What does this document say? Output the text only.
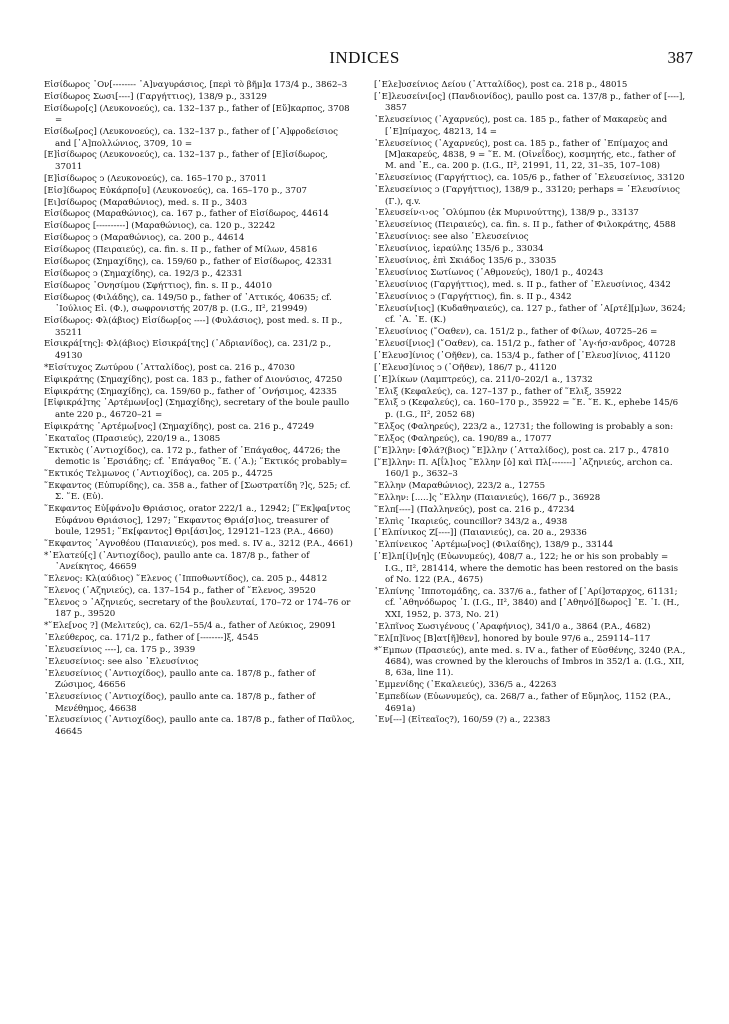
INDICES	387

Εἰσίδωρος ᾿Ον[-------- ᾿Α]ναγυράσιος, [περὶ τὸ βῆμ]α 173/4 p., 3862–3

Εἰσίδωρος Σωσι[----] (Γαργήττιος), 138/9 p., 33129

Εἰσίδωρο[ς] (Λευκονοεύς), ca. 132–137 p., father of [Εὔ]καρπος, 3708 =

Εἰσίδω[ρος] (Λευκονοεύς), ca. 132–137 p., father of [᾿Α]φροδείσιος and [᾿Α]πολλώνιος, 3709, 10 =

[Ε]ἰσίδωρος (Λευκονοεύς), ca. 132–137 p., father of [Ε]ἰσίδωρος, 37011

[Ε]ἰσίδωρος ͻ (Λευκονοεύς), ca. 165–170 p., 37011

[Εἰσ]ίδωρος Εὐκάρπο[υ] (Λευκονοεύς), ca. 165–170 p., 3707

[Ει]σίδωρος (Μαραθώνιος), med. s. II p., 3403

Εἰσίδωρος (Μαραθώνιος), ca. 167 p., father of Εἰσίδωρος, 44614

Εἰσίδωρος [----------] (Μαραθώνιος), ca. 120 p., 32242

Εἰσίδωρος ͻ (Μαραθώνιος), ca. 200 p., 44614

Εἰσίδωρος (Πειραιεύς), ca. fin. s. II p., father of Μίλων, 45816

Εἰσίδωρος (Σημαχίδης), ca. 159/60 p., father of Εἰσίδωρος, 42331

Εἰσίδωρος ͻ (Σημαχίδης), ca. 192/3 p., 42331

Εἰσίδωρος ᾿Ονησίμου (Σφήττιος), fin. s. II p., 44010

Εἰσίδωρος (Φιλάδης), ca. 149/50 p., father of ᾿Αττικός, 40635; cf. ᾿Ιούλιος Εἰ. (Φ.), σωφρονιστής 207/8 p. (I.G., II², 219949)

Εἰσίδωρος: Φλ(άβιος) Εἰσίδωρ[ος ----] (Φυλάσιος), post med. s. II p., 35211

Εἰσικρά[της]: Φλ(άβιος) Εἰσικρά[της] (᾿Αδριανίδος), ca. 231/2 p., 49130

*Εἰσίτυχος Ζωτύρου (᾿Ατταλίδος), post ca. 216 p., 47030

Εἰφικράτης (Σημαχίδης), post ca. 183 p., father of Διονύσιος, 47250

Εἰφικράτης (Σημαχίδης), ca. 159/60 p., father of ᾿Ονήσιμος, 42335

[Εἰφικρά]της ᾿Αρτέμων[ος] (Σημαχίδης), secretary of the boule paullo ante 220 p., 46720–21 =

Εἰφικράτης ᾿Αρτέμω[νος] (Σημαχίδης), post ca. 216 p., 47249

᾿Εκαταῖος (Πρασιεύς), 220/19 a., 13085

῞Εκτικὸς (᾿Αντιοχίδος), ca. 172 p., father of ᾿Επάγαθος, 44726; the demotic is ᾿Ερσιάδης; cf. ᾿Επάγαθος ῞Ε. (᾿Α.); ῞Εκτικός probably=

῞Εκτικός Τελμωνος (᾿Αντιοχίδος), ca. 205 p., 44725

῞Εκφαντος (Εὐπυρίδης), ca. 358 a., father of [Σωστρατίδη ?]ς, 525; cf. Σ. ῞Ε. (Εὐ).

῞Εκφαντος Εὐ[φάνο]υ Θριάσιος, orator 222/1 a., 12942; [῞Εκ]φα[ντος Εὐφάνου Θριάσιος], 1297; ῞Εκφαντος Θριά[σ]ιος, treasurer of boule, 12951; ῞Εκ[φαντος] Θρι[άσι]ος, 129121–123 (P.A., 4660)

῞Εκφαντος ᾿Αγνοθέου (Παιανιεύς), pos med. s. IV a., 3212 (P.A., 4661)

*᾿Ελατεύ[ς] (᾿Αντιοχίδος), paullo ante ca. 187/8 p., father of ᾿Ανείκητος, 46659

῞Ελενος: Κλ(αύδιος) ῞Ελενος (῾Ιπποθωντίδος), ca. 205 p., 44812

῞Ελενος (᾿Αζηνιεύς), ca. 137–154 p., father of ῞Ελενος, 39520

῞Ελενος ͻ ᾿Αζηνιεύς, secretary of the βουλευταί, 170–72 or 174–76 or 187 p., 39520

*῞Ελε[νος ?] (Μελιτεύς), ca. 62/1–55/4 a., father of Λεύκιος, 29091

᾿Ελεύθερος, ca. 171/2 p., father of [--------]ξ, 4545

᾿Ελευσείνιος ----], ca. 175 p., 3939

᾿Ελευσείνιος: see also ᾿Ελευσίνιος

᾿Ελευσείνιος (᾿Αντιοχίδος), paullo ante ca. 187/8 p., father of Ζώσιμος, 46656

᾿Ελευσείνιος (᾿Αντιοχίδος), paullo ante ca. 187/8 p., father of Μενέθημος, 46638

᾿Ελευσείνιος (᾿Αντιοχίδος), paullo ante ca. 187/8 p., father of Παῦλος, 46645

[᾿Ελε]υσείνιος Δείου (᾿Ατταλίδος), post ca. 218 p., 48015

[᾿Ε]λευσείνι[ος] (Πανδιονίδος), paullo post ca. 137/8 p., father of [----], 3857

᾿Ελευσείνιος (᾿Αχαρνεύς), post ca. 185 p., father of Μακαρεὺς and [᾿Ε]πίμαχος, 48213, 14 =

᾿Ελευσείνιος (᾿Αχαρνεύς), post ca. 185 p., father of ᾿Επίμαχος and [Μ]ακαρεύς, 4838, 9 = ῞Ε. Μ. (Οἰνεΐδος), κοσμητής, etc., father of M. and ᾿Ε., ca. 200 p. (I.G., II², 21991, 11, 22, 31–35, 107–108)

᾿Ελευσείνιος (Γαργήττιος), ca. 105/6 p., father of ᾿Ελευσείνιος, 33120

᾿Ελευσείνιος ͻ (Γαργήττιος), 138/9 p., 33120; perhaps = ᾿Ελευσίνιος (Γ.), q.v.

᾿Ελευσείν‹ι›ος ᾿Ολύμπου (ἐκ Μυρινούττης), 138/9 p., 33137

᾿Ελευσείνιος (Πειραιεύς), ca. fin. s. II p., father of Φιλοκράτης, 4588

᾿Ελευσίνιος: see also ᾿Ελευσείνιος

᾿Ελευσίνιος, ἱεραύλης 135/6 p., 33034

᾿Ελευσίνιος, ἐπὶ Σκιάδος 135/6 p., 33035

᾿Ελευσίνιος Σωτίωνος (᾿Αθμονεύς), 180/1 p., 40243

᾿Ελευσίνιος (Γαργήττιος), med. s. II p., father of ᾿Ελευσίνιος, 4342

᾿Ελευσίνιος ͻ (Γαργήττιος), fin. s. II p., 4342

᾿Ελευσίν[ιος] (Κυδαθηναιεύς), ca. 127 p., father of ᾿Α[ρτέ][μ]ων, 3624; cf. ᾿Α. ᾿Ε. (Κ.)

᾿Ελευσίνιος (῎Οαθεν), ca. 151/2 p., father of Φίλων, 40725–26 =

᾿Ελευσί[νιος] (῎Οαθεν), ca. 151/2 p., father of ᾿Αγ‹ήσ›ανδρος, 40728

[᾿Ελευσ]ίνιος (᾿Οῆθεν), ca. 153/4 p., father of [᾿Ελευσ]ίνιος, 41120

[᾿Ελευσ]ίνιος ͻ (᾿Οῆθεν), 186/7 p., 41120

[᾿Ε]λίκων (Λαμπτρεύς), ca. 211/0–202/1 a., 13732

῾Ελιξ (Κεφαλεύς), ca. 127–137 p., father of ῞Ελιξ, 35922

῞Ελιξ ͻ (Κεφαλεύς), ca. 160–170 p., 35922 = ῞Ε. ῞Ε. Κ., ephebe 145/6 p. (I.G., II², 2052 68)

῞Ελξος (Φαληρεύς), 223/2 a., 12731; the following is probably a son:

῞Ελξος (Φαληρεύς), ca. 190/89 a., 17077

[῞Ε]λλην: [Φλά?(βιος) ῞Ε]λλην (᾿Ατταλίδος), post ca. 217 p., 47810

[῞Ε]λλην: Π. Α[ΐλ]ιος ῞Ελλην [ὁ] καὶ Πλ[-------] ᾿Αζηνιεύς, archon ca. 160/1 p., 3632–3

῞Ελλην (Μαραθώνιος), 223/2 a., 12755

῞Ελλην: [.....]ς ῞Ελλην (Παιανιεύς), 166/7 p., 36928

῞Ελπ[----] (Παλληνεύς), post ca. 216 p., 47234

᾿Ελπὶς ᾿Ικαριεύς, councillor? 343/2 a., 4938

[᾿Ελπίνικος Ζ[----]] (Παιανιεύς), ca. 20 a., 29336

᾿Ελπίνεικος ᾿Αρτέμω[νος] (Φιλαίδης), 138/9 p., 33144

[᾿Ε]λπ[ί]ν[η]ς (Εὐωνυμεύς), 408/7 a., 122; he or his son probably = I.G., II², 281414, where the demotic has been restored on the basis of No. 122 (P.A., 4675)

᾿Ελπίνης ῾Ιπποτομάδης, ca. 337/6 a., father of [᾿Αρί]σταρχος, 61131; cf. ᾿Αθηνόδωρος ᾿Ι. (I.G., II², 3840) and [᾿Αθηνό][δωρος] ᾿Ε. ᾿Ι. (H., XXI, 1952, p. 373, No. 21)

᾿Ελπῖνος Σωσιγένους (᾿Αραφήνιος), 341/0 a., 3864 (P.A., 4682)

῞Ελ[π]ῖνος [Β]ατ[ῆ]θεν], honored by boule 97/6 a., 259114–117

*῞Εμπων (Πρασιεύς), ante med. s. IV a., father of Εὐσθένης, 3240 (P.A., 4684), was crowned by the klerouchs of Imbros in 352/1 a. (I.G., XII, 8, 63a, line 11).

᾿Εμμενίδης (᾿Εκαλειεύς), 336/5 a., 42263

᾿Εμπεδίων (Εὐωνυμεύς), ca. 268/7 a., father of Εὔμηλος, 1152 (P.A., 4691a)

᾿Εν[---] (Εἰτεαῖος?), 160/59 (?) a., 22383
